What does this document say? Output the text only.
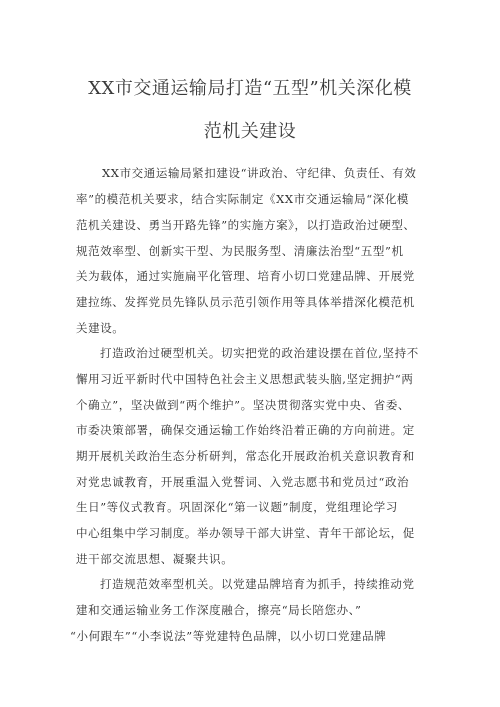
XX市交通运输局打造“五型”机关深化模
范机关建设
XX市交通运输局紧扣建设“讲政治、守纪律、负责任、有效
率”的模范机关要求，结合实际制定《XX市交通运输局“深化模
范机关建设、勇当开路先锋”的实施方案》，以打造政治过硬型、
规范效率型、创新实干型、为民服务型、清廉法治型“五型”机
关为载体，通过实施扁平化管理、培育小切口党建品牌、开展党
建拉练、发挥党员先锋队员示范引领作用等具体举措深化模范机
关建设。
打造政治过硬型机关。切实把党的政治建设摆在首位,坚持不
懈用习近平新时代中国特色社会主义思想武装头脑,坚定拥护“两
个确立”，坚决做到“两个维护”。坚决贯彻落实党中央、省委、
市委决策部署，确保交通运输工作始终沿着正确的方向前进。定
期开展机关政治生态分析研判，常态化开展政治机关意识教育和
对党忠诚教育，开展重温入党誓词、入党志愿书和党员过“政治
生日”等仪式教育。巩固深化“第一议题”制度，党组理论学习
中心组集中学习制度。举办领导干部大讲堂、青年干部论坛，促
进干部交流思想、凝聚共识。
打造规范效率型机关。以党建品牌培育为抓手，持续推动党
建和交通运输业务工作深度融合，擦亮“局长陪您办、”
“小何跟车”“小李说法”等党建特色品牌，以小切口党建品牌
